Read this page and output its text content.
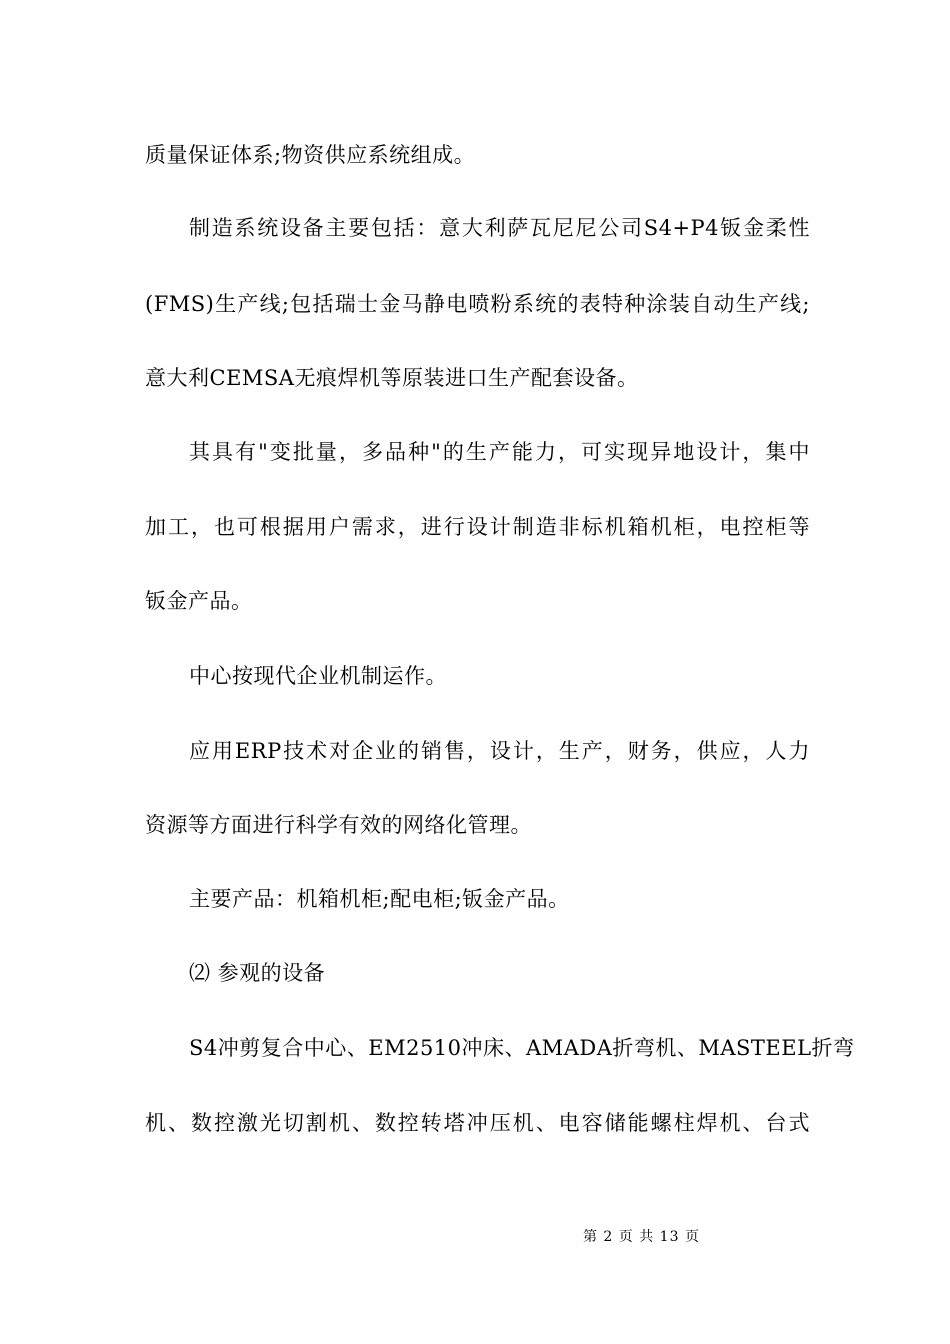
质量保证体系;物资供应系统组成。
制造系统设备主要包括：意大利萨瓦尼尼公司S4+P4钣金柔性
(FMS)生产线;包括瑞士金马静电喷粉系统的表特种涂装自动生产线;
意大利CEMSA无痕焊机等原装进口生产配套设备。
其具有"变批量，多品种"的生产能力，可实现异地设计，集中
加工，也可根据用户需求，进行设计制造非标机箱机柜，电控柜等
钣金产品。
中心按现代企业机制运作。
应用ERP技术对企业的销售，设计，生产，财务，供应，人力
资源等方面进行科学有效的网络化管理。
主要产品：机箱机柜;配电柜;钣金产品。
⑵ 参观的设备
S4冲剪复合中心、EM2510冲床、AMADA折弯机、MASTEEL折弯
机、数控激光切割机、数控转塔冲压机、电容储能螺柱焊机、台式

第 2 页 共 13 页
